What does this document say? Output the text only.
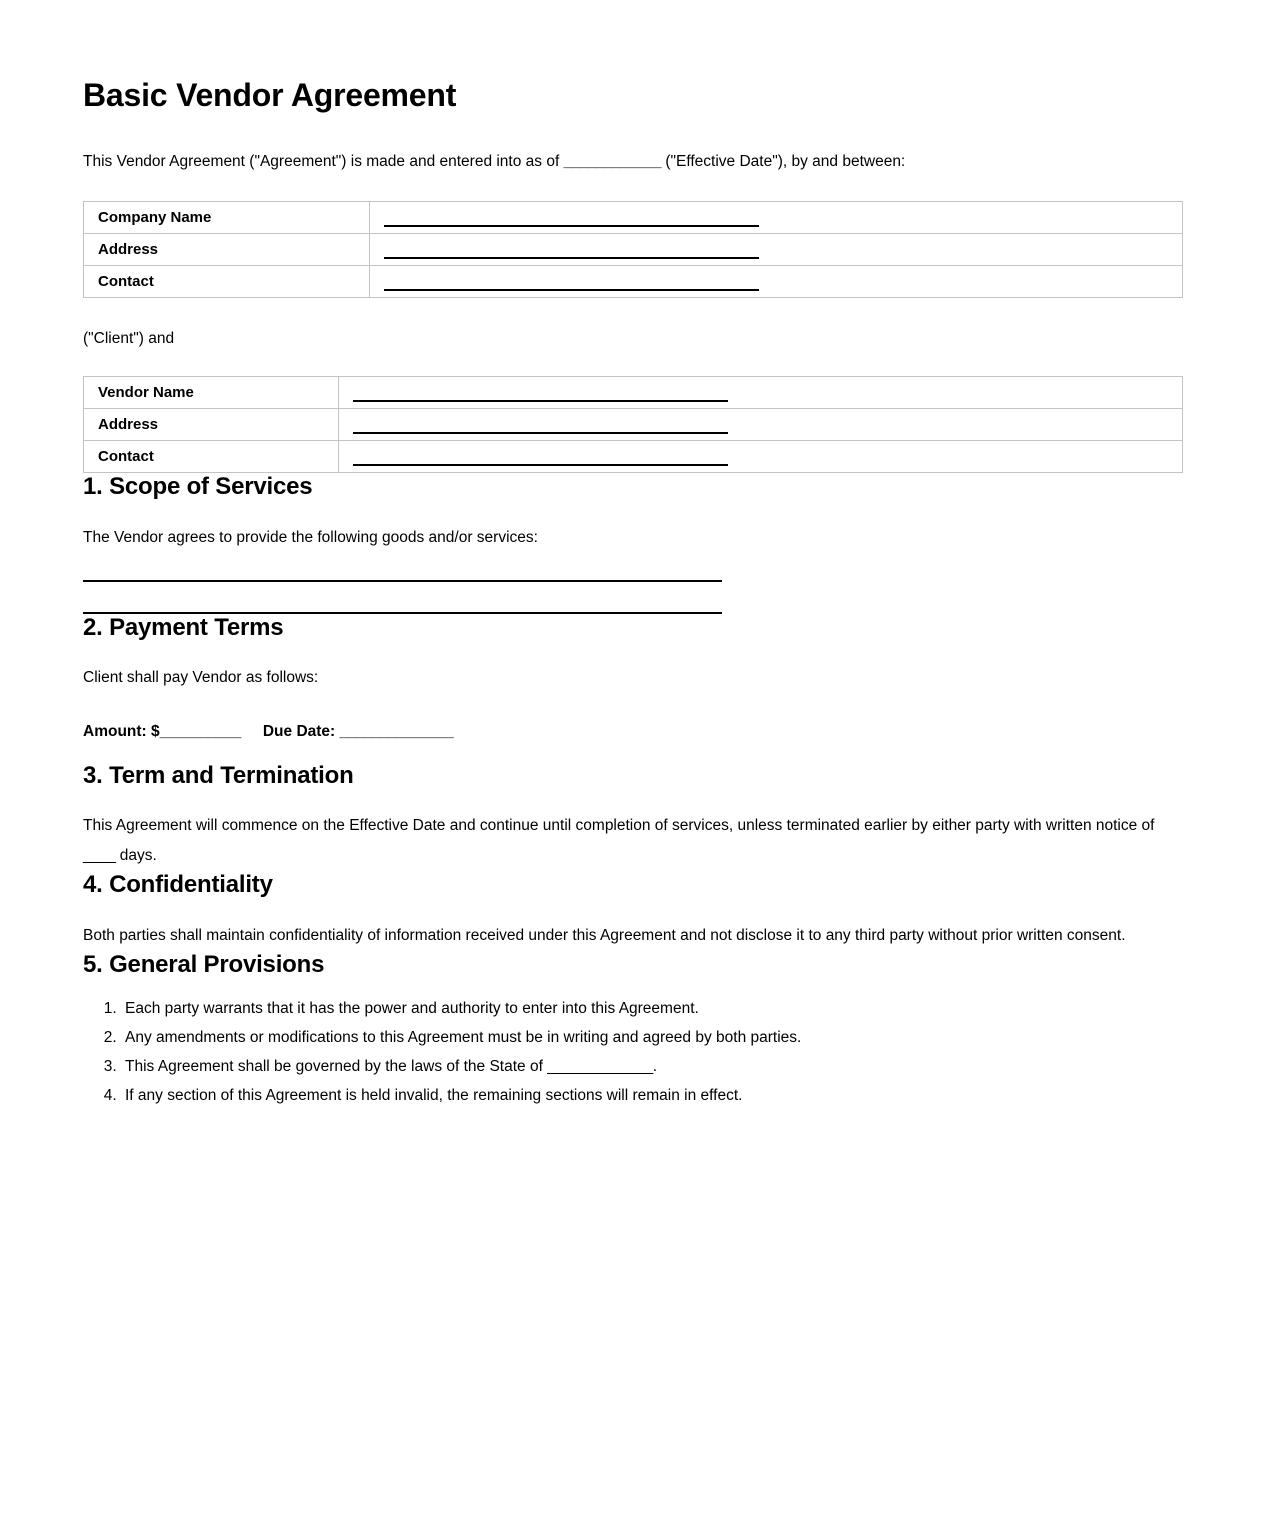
Basic Vendor Agreement

This Vendor Agreement ("Agreement") is made and entered into as of ____________ ("Effective Date"), by and between:

Company Name	

Address	

Contact	

("Client") and

Vendor Name	

Address	

Contact	
1. Scope of Services

The Vendor agrees to provide the following goods and/or services:

2. Payment Terms

Client shall pay Vendor as follows:

Amount: $__________ Due Date: ______________

3. Term and Termination

This Agreement will commence on the Effective Date and continue until completion of services, unless terminated earlier by either party with written notice of ____ days.

4. Confidentiality

Both parties shall maintain confidentiality of information received under this Agreement and not disclose it to any third party without prior written consent.

5. General Provisions
1. Each party warrants that it has the power and authority to enter into this Agreement.
2. Any amendments or modifications to this Agreement must be in writing and agreed by both parties.
3. This Agreement shall be governed by the laws of the State of _____________.
4. If any section of this Agreement is held invalid, the remaining sections will remain in effect.
